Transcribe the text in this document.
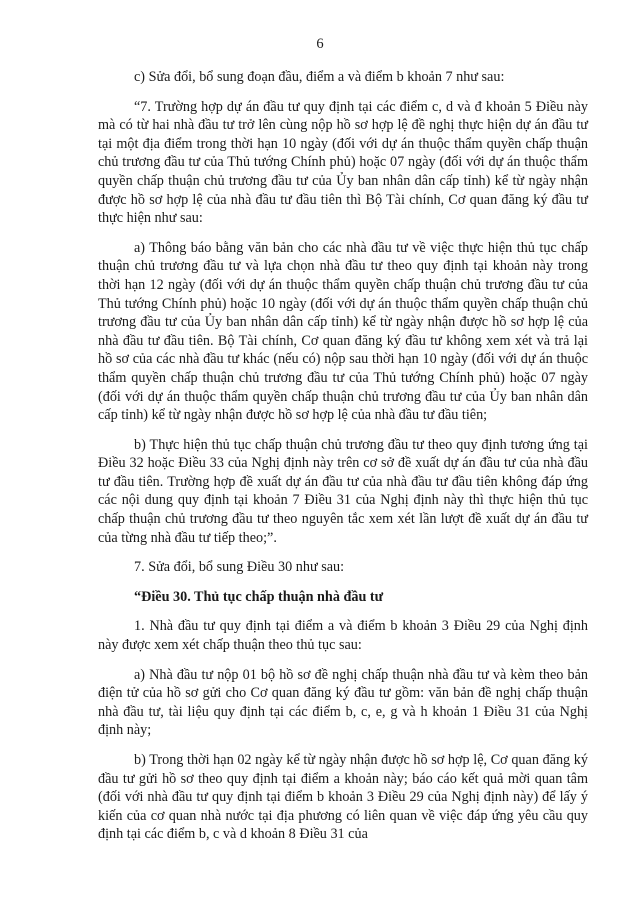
6

c) Sửa đổi, bổ sung đoạn đầu, điểm a và điểm b khoản 7 như sau:

“7. Trường hợp dự án đầu tư quy định tại các điểm c, d và đ khoản 5 Điều này mà có từ hai nhà đầu tư trở lên cùng nộp hồ sơ hợp lệ đề nghị thực hiện dự án đầu tư tại một địa điểm trong thời hạn 10 ngày (đối với dự án thuộc thẩm quyền chấp thuận chủ trương đầu tư của Thủ tướng Chính phủ) hoặc 07 ngày (đối với dự án thuộc thẩm quyền chấp thuận chủ trương đầu tư của Ủy ban nhân dân cấp tỉnh) kể từ ngày nhận được hồ sơ hợp lệ của nhà đầu tư đầu tiên thì Bộ Tài chính, Cơ quan đăng ký đầu tư thực hiện như sau:

a) Thông báo bằng văn bản cho các nhà đầu tư về việc thực hiện thủ tục chấp thuận chủ trương đầu tư và lựa chọn nhà đầu tư theo quy định tại khoản này trong thời hạn 12 ngày (đối với dự án thuộc thẩm quyền chấp thuận chủ trương đầu tư của Thủ tướng Chính phủ) hoặc 10 ngày (đối với dự án thuộc thẩm quyền chấp thuận chủ trương đầu tư của Ủy ban nhân dân cấp tỉnh) kể từ ngày nhận được hồ sơ hợp lệ của nhà đầu tư đầu tiên. Bộ Tài chính, Cơ quan đăng ký đầu tư không xem xét và trả lại hồ sơ của các nhà đầu tư khác (nếu có) nộp sau thời hạn 10 ngày (đối với dự án thuộc thẩm quyền chấp thuận chủ trương đầu tư của Thủ tướng Chính phủ) hoặc 07 ngày (đối với dự án thuộc thẩm quyền chấp thuận chủ trương đầu tư của Ủy ban nhân dân cấp tỉnh) kể từ ngày nhận được hồ sơ hợp lệ của nhà đầu tư đầu tiên;

b) Thực hiện thủ tục chấp thuận chủ trương đầu tư theo quy định tương ứng tại Điều 32 hoặc Điều 33 của Nghị định này trên cơ sở đề xuất dự án đầu tư của nhà đầu tư đầu tiên. Trường hợp đề xuất dự án đầu tư của nhà đầu tư đầu tiên không đáp ứng các nội dung quy định tại khoản 7 Điều 31 của Nghị định này thì thực hiện thủ tục chấp thuận chủ trương đầu tư theo nguyên tắc xem xét lần lượt đề xuất dự án đầu tư của từng nhà đầu tư tiếp theo;”.

7. Sửa đổi, bổ sung Điều 30 như sau:

“Điều 30. Thủ tục chấp thuận nhà đầu tư

1. Nhà đầu tư quy định tại điểm a và điểm b khoản 3 Điều 29 của Nghị định này được xem xét chấp thuận theo thủ tục sau:

a) Nhà đầu tư nộp 01 bộ hồ sơ đề nghị chấp thuận nhà đầu tư và kèm theo bản điện tử của hồ sơ gửi cho Cơ quan đăng ký đầu tư gồm: văn bản đề nghị chấp thuận nhà đầu tư, tài liệu quy định tại các điểm b, c, e, g và h khoản 1 Điều 31 của Nghị định này;

b) Trong thời hạn 02 ngày kể từ ngày nhận được hồ sơ hợp lệ, Cơ quan đăng ký đầu tư gửi hồ sơ theo quy định tại điểm a khoản này; báo cáo kết quả mời quan tâm (đối với nhà đầu tư quy định tại điểm b khoản 3 Điều 29 của Nghị định này) để lấy ý kiến của cơ quan nhà nước tại địa phương có liên quan về việc đáp ứng yêu cầu quy định tại các điểm b, c và d khoản 8 Điều 31 của
